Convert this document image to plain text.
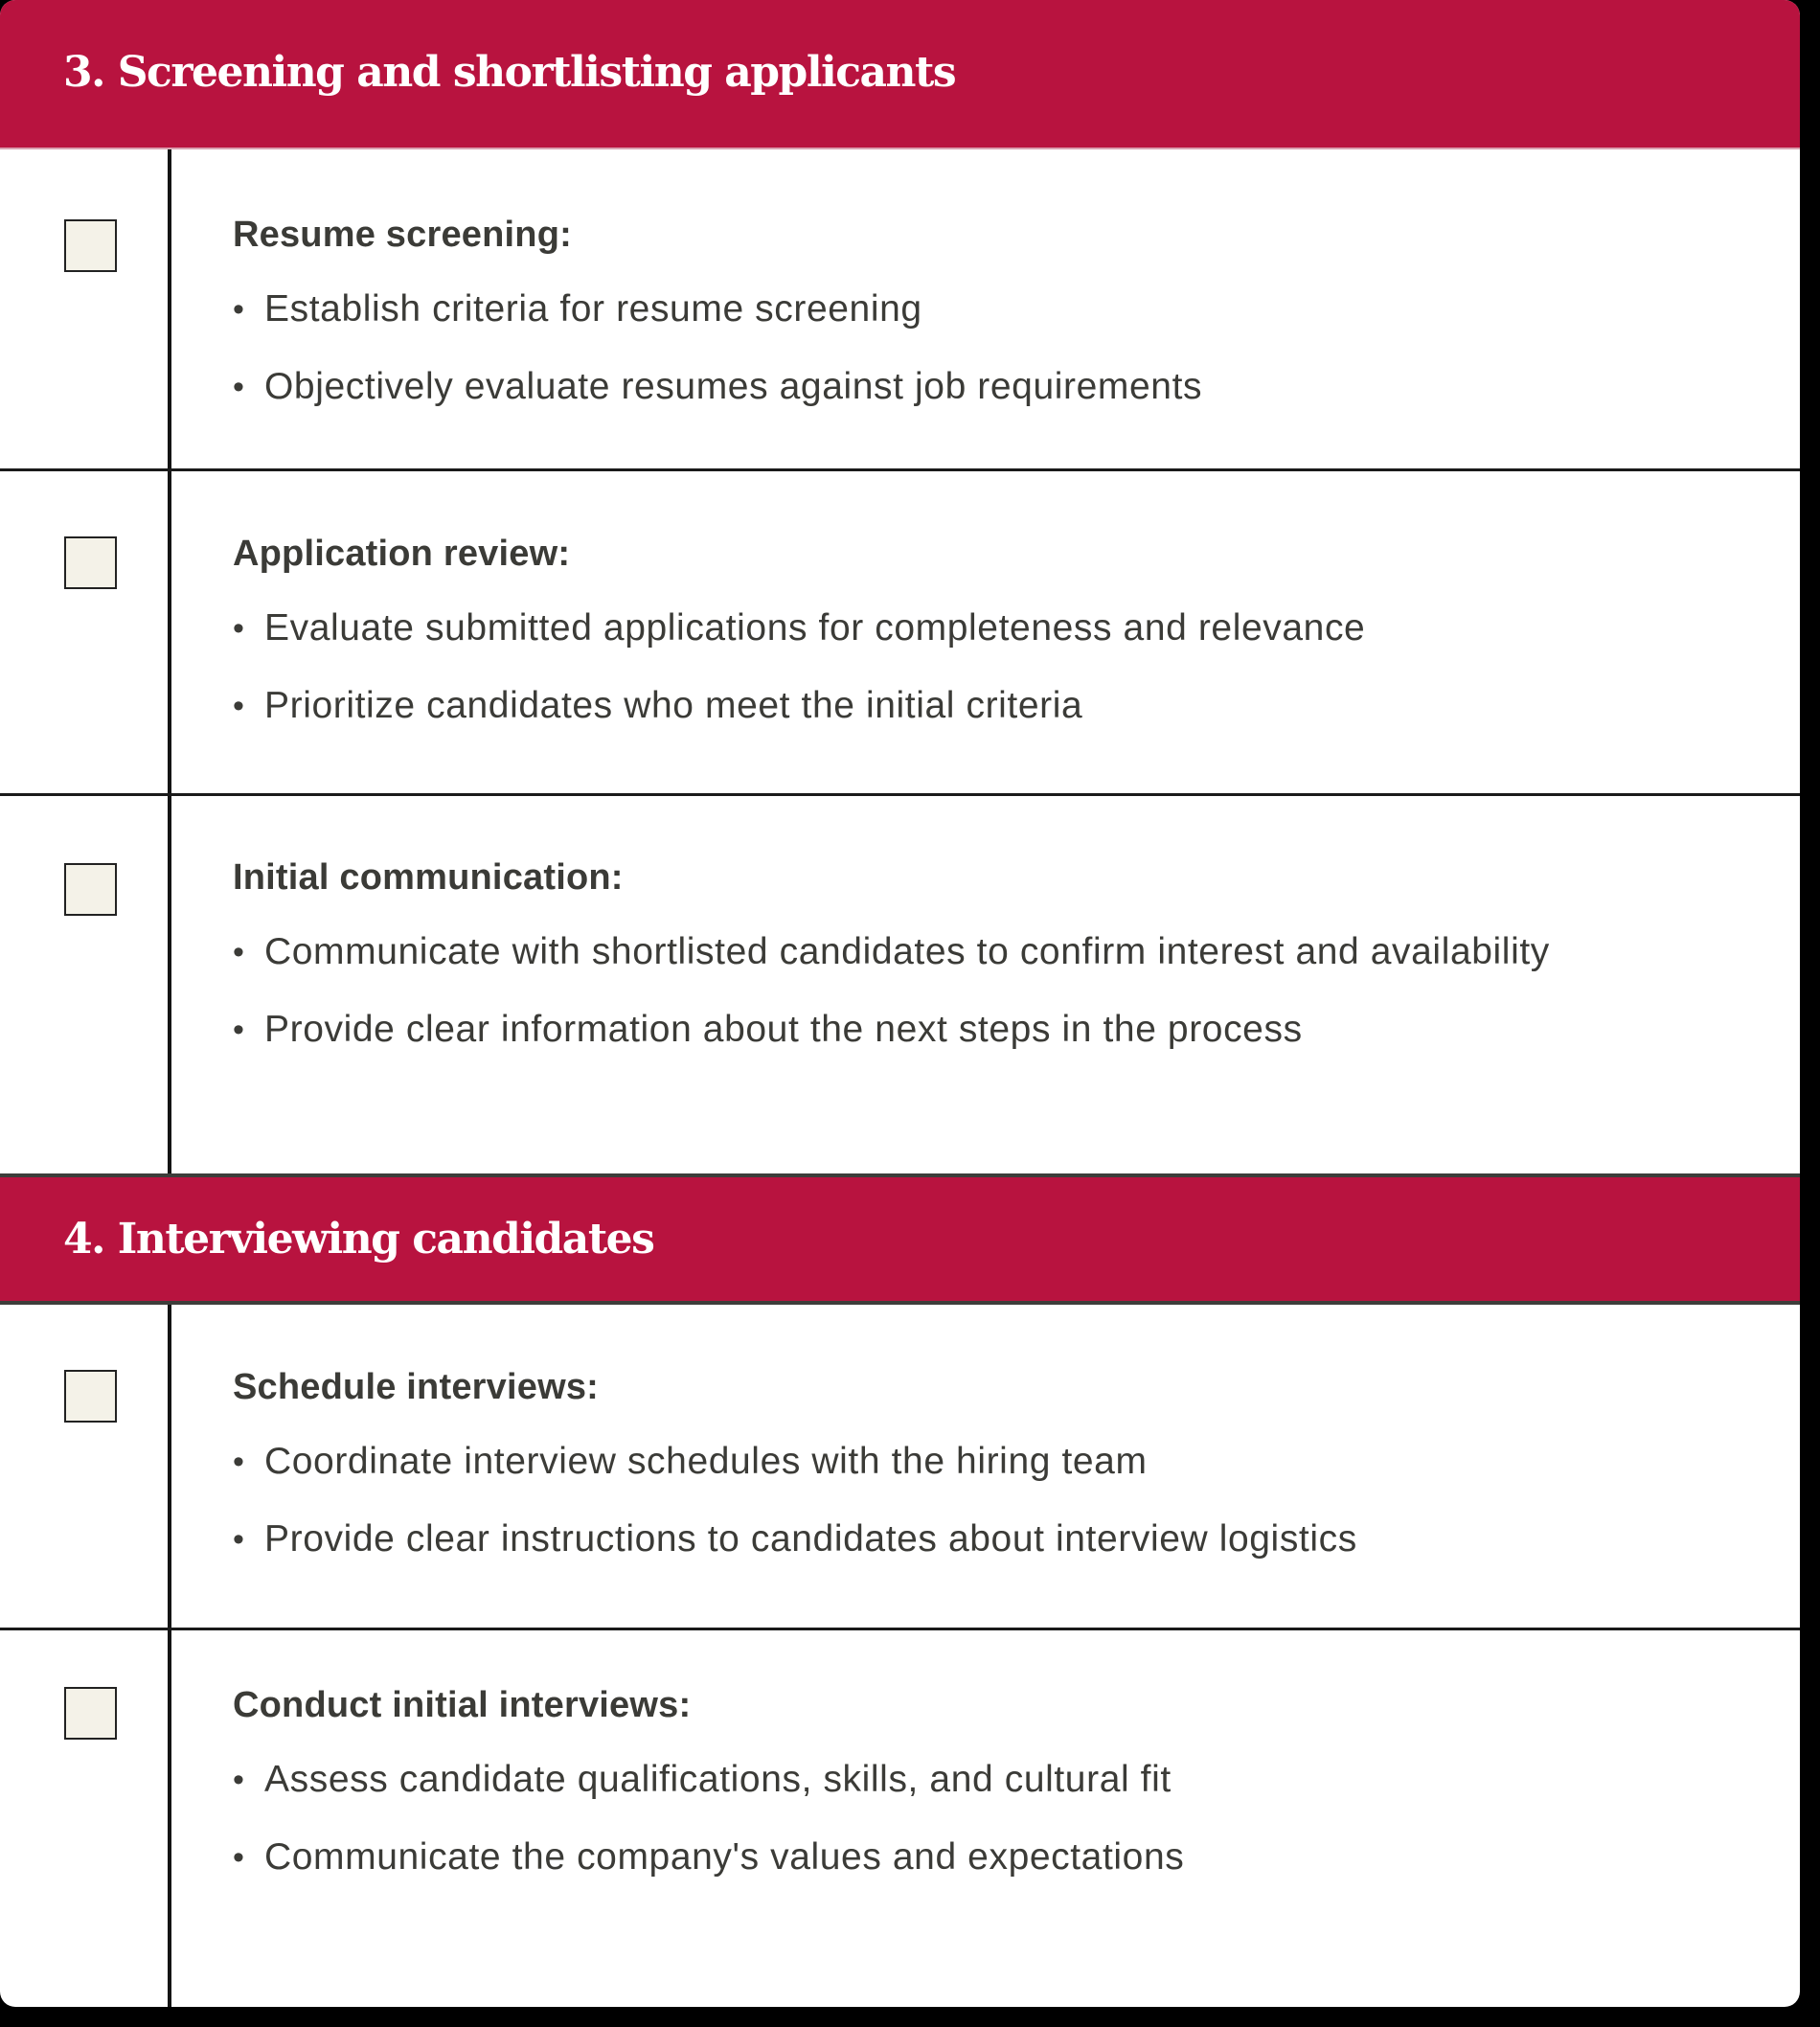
3. Screening and shortlisting applicants
Resume screening:
• Establish criteria for resume screening
• Objectively evaluate resumes against job requirements
Application review:
• Evaluate submitted applications for completeness and relevance
• Prioritize candidates who meet the initial criteria
Initial communication:
• Communicate with shortlisted candidates to confirm interest and availability
• Provide clear information about the next steps in the process
4. Interviewing candidates
Schedule interviews:
• Coordinate interview schedules with the hiring team
• Provide clear instructions to candidates about interview logistics
Conduct initial interviews:
• Assess candidate qualifications, skills, and cultural fit
• Communicate the company's values and expectations
